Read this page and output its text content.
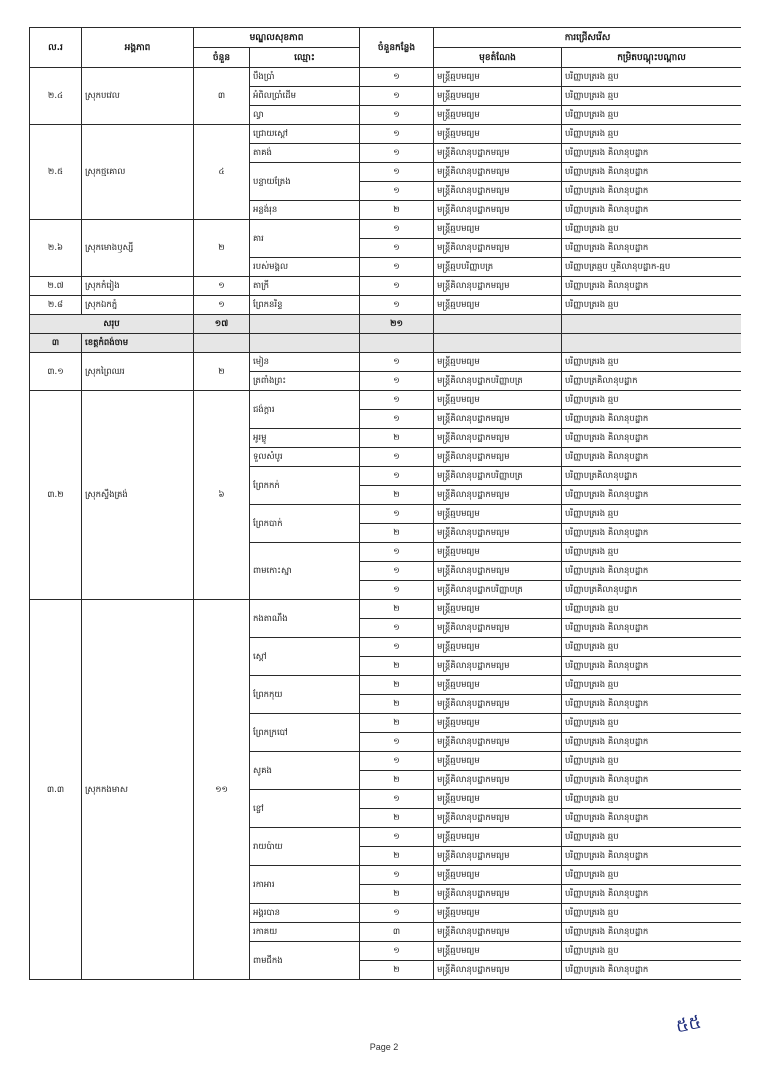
ល.រ	អង្គភាព	មណ្ឌលសុខភាព		ចំនួនកន្លែង	ការជ្រើសរើស	
		ចំនួន	ឈ្មោះ		មុខតំណែង	កម្រិតបណ្ដុះបណ្ដាល
២.៤	ស្រុកបវេល	៣	បឹងប្រាំ	១	មន្ត្រីឆ្មបមធ្យម	បរិញ្ញាបត្ររង ឆ្មប
			អំពិលប្រាំដើម	១	មន្ត្រីឆ្មបមធ្យម	បរិញ្ញាបត្ររង ឆ្មប
			ល្វា	១	មន្ត្រីឆ្មបមធ្យម	បរិញ្ញាបត្ររង ឆ្មប
២.៥	ស្រុកថ្មគោល	៤	ជ្រោយស្ដៅ	១	មន្ត្រីឆ្មបមធ្យម	បរិញ្ញាបត្ររង ឆ្មប
			តាគង់	១	មន្ត្រីគិលានុបដ្ឋាកមធ្យម	បរិញ្ញាបត្ររង គិលានុបដ្ឋាក
			បន្ទាយត្រែង	១	មន្ត្រីគិលានុបដ្ឋាកមធ្យម	បរិញ្ញាបត្ររង គិលានុបដ្ឋាក
				១	មន្ត្រីគិលានុបដ្ឋាកមធ្យម	បរិញ្ញាបត្ររង គិលានុបដ្ឋាក
			អន្លង់រុន	២	មន្ត្រីគិលានុបដ្ឋាកមធ្យម	បរិញ្ញាបត្ររង គិលានុបដ្ឋាក
២.៦	ស្រុកមោងឫស្សី	២	គារ	១	មន្ត្រីឆ្មបមធ្យម	បរិញ្ញាបត្ររង ឆ្មប
				១	មន្ត្រីគិលានុបដ្ឋាកមធ្យម	បរិញ្ញាបត្ររង គិលានុបដ្ឋាក
			របស់មង្គល	១	មន្ត្រីឆ្មបបរិញ្ញាបត្រ	បរិញ្ញាបត្រឆ្មប ឬគិលានុបដ្ឋាក-ឆ្មប
២.៧	ស្រុកកំរៀង	១	តាក្រី	១	មន្ត្រីគិលានុបដ្ឋាកមធ្យម	បរិញ្ញាបត្ររង គិលានុបដ្ឋាក
២.៨	ស្រុកឯកភ្នំ	១	ព្រែកនរិន្ទ	១	មន្ត្រីឆ្មបមធ្យម	បរិញ្ញាបត្ររង ឆ្មប
សរុប		១៧		២១		
៣	ខេត្តកំពង់ចាម					
៣.១	ស្រុកព្រៃឈរ	២	មៀន	១	មន្ត្រីឆ្មបមធ្យម	បរិញ្ញាបត្ររង ឆ្មប
			ត្រពាំងព្រះ	១	មន្ត្រីគិលានុបដ្ឋាកបរិញ្ញាបត្រ	បរិញ្ញាបត្រគិលានុបដ្ឋាក
៣.២	ស្រុកស្ទឹងត្រង់	៦	ជង់ក្ដារ	១	មន្ត្រីឆ្មបមធ្យម	បរិញ្ញាបត្ររង ឆ្មប
				១	មន្ត្រីគិលានុបដ្ឋាកមធ្យម	បរិញ្ញាបត្ររង គិលានុបដ្ឋាក
			អូរម្លូ	២	មន្ត្រីគិលានុបដ្ឋាកមធ្យម	បរិញ្ញាបត្ររង គិលានុបដ្ឋាក
			ទួលសំបូរ	១	មន្ត្រីគិលានុបដ្ឋាកមធ្យម	បរិញ្ញាបត្ររង គិលានុបដ្ឋាក
			ព្រែកកក់	១	មន្ត្រីគិលានុបដ្ឋាកបរិញ្ញាបត្រ	បរិញ្ញាបត្រគិលានុបដ្ឋាក
				២	មន្ត្រីគិលានុបដ្ឋាកមធ្យម	បរិញ្ញាបត្ររង គិលានុបដ្ឋាក
			ព្រែកបាក់	១	មន្ត្រីឆ្មបមធ្យម	បរិញ្ញាបត្ររង ឆ្មប
				២	មន្ត្រីគិលានុបដ្ឋាកមធ្យម	បរិញ្ញាបត្ររង គិលានុបដ្ឋាក
			ពាមកោះស្នា	១	មន្ត្រីឆ្មបមធ្យម	បរិញ្ញាបត្ររង ឆ្មប
				១	មន្ត្រីគិលានុបដ្ឋាកមធ្យម	បរិញ្ញាបត្ររង គិលានុបដ្ឋាក
				១	មន្ត្រីគិលានុបដ្ឋាកបរិញ្ញាបត្រ	បរិញ្ញាបត្រគិលានុបដ្ឋាក
៣.៣	ស្រុកកងមាស	១១	កងតាណឹង	២	មន្ត្រីឆ្មបមធ្យម	បរិញ្ញាបត្ររង ឆ្មប
				១	មន្ត្រីគិលានុបដ្ឋាកមធ្យម	បរិញ្ញាបត្ររង គិលានុបដ្ឋាក
			ស្តៅ	១	មន្ត្រីឆ្មបមធ្យម	បរិញ្ញាបត្ររង ឆ្មប
				២	មន្ត្រីគិលានុបដ្ឋាកមធ្យម	បរិញ្ញាបត្ររង គិលានុបដ្ឋាក
			ព្រែកកុយ	២	មន្ត្រីឆ្មបមធ្យម	បរិញ្ញាបត្ររង ឆ្មប
				២	មន្ត្រីគិលានុបដ្ឋាកមធ្យម	បរិញ្ញាបត្ររង គិលានុបដ្ឋាក
			ព្រែកក្របៅ	២	មន្ត្រីឆ្មបមធ្យម	បរិញ្ញាបត្ររង ឆ្មប
				១	មន្ត្រីគិលានុបដ្ឋាកមធ្យម	បរិញ្ញាបត្ររង គិលានុបដ្ឋាក
			សូគង	១	មន្ត្រីឆ្មបមធ្យម	បរិញ្ញាបត្ររង ឆ្មប
				២	មន្ត្រីគិលានុបដ្ឋាកមធ្យម	បរិញ្ញាបត្ររង គិលានុបដ្ឋាក
			ខ្ចៅ	១	មន្ត្រីឆ្មបមធ្យម	បរិញ្ញាបត្ររង ឆ្មប
				២	មន្ត្រីគិលានុបដ្ឋាកមធ្យម	បរិញ្ញាបត្ររង គិលានុបដ្ឋាក
			រាយប៉ាយ	១	មន្ត្រីឆ្មបមធ្យម	បរិញ្ញាបត្ររង ឆ្មប
				២	មន្ត្រីគិលានុបដ្ឋាកមធ្យម	បរិញ្ញាបត្ររង គិលានុបដ្ឋាក
			រកាអារ	១	មន្ត្រីឆ្មបមធ្យម	បរិញ្ញាបត្ររង ឆ្មប
				២	មន្ត្រីគិលានុបដ្ឋាកមធ្យម	បរិញ្ញាបត្ររង គិលានុបដ្ឋាក
			អង្គរបាន	១	មន្ត្រីឆ្មបមធ្យម	បរិញ្ញាបត្ររង ឆ្មប
			រកាគយ	៣	មន្ត្រីគិលានុបដ្ឋាកមធ្យម	បរិញ្ញាបត្ររង គិលានុបដ្ឋាក
			ពាមជីកង	១	មន្ត្រីឆ្មបមធ្យម	បរិញ្ញាបត្ររង ឆ្មប
				២	មន្ត្រីគិលានុបដ្ឋាកមធ្យម	បរិញ្ញាបត្ររង គិលានុបដ្ឋាក
Page 2
៥៥
